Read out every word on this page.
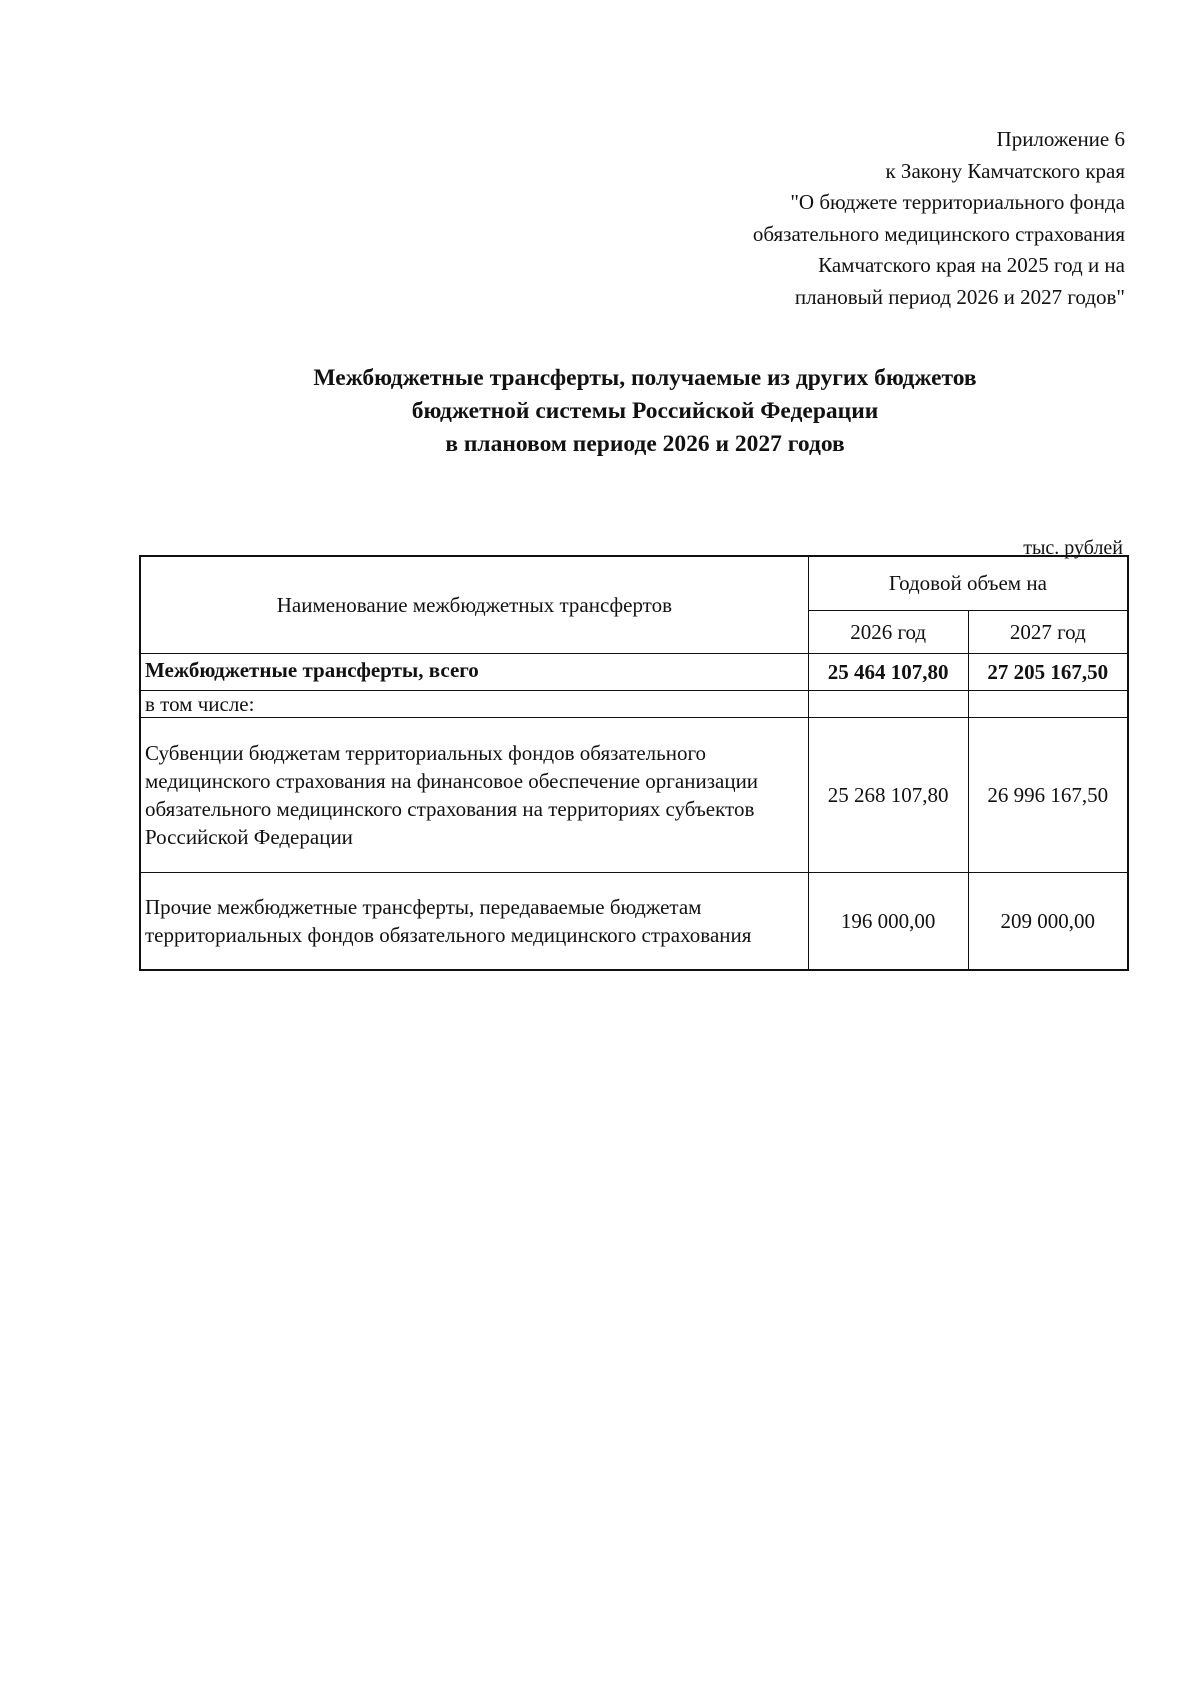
Приложение 6
к Закону Камчатского края
"О бюджете территориального фонда
обязательного медицинского страхования
Камчатского края на 2025 год и на
плановый период 2026 и 2027 годов"
Межбюджетные трансферты, получаемые из других бюджетов
бюджетной системы Российской Федерации
в плановом периоде 2026 и 2027 годов
тыс. рублей
Наименование межбюджетных трансфертов	Годовой объем на	
	2026 год	2027 год
Межбюджетные трансферты, всего	25 464 107,80	27 205 167,50
в том числе:		
Субвенции бюджетам территориальных фондов обязательного медицинского страхования на финансовое обеспечение организации обязательного медицинского страхования на территориях субъектов Российской Федерации	25 268 107,80	26 996 167,50
Прочие межбюджетные трансферты, передаваемые бюджетам территориальных фондов обязательного медицинского страхования	196 000,00	209 000,00
